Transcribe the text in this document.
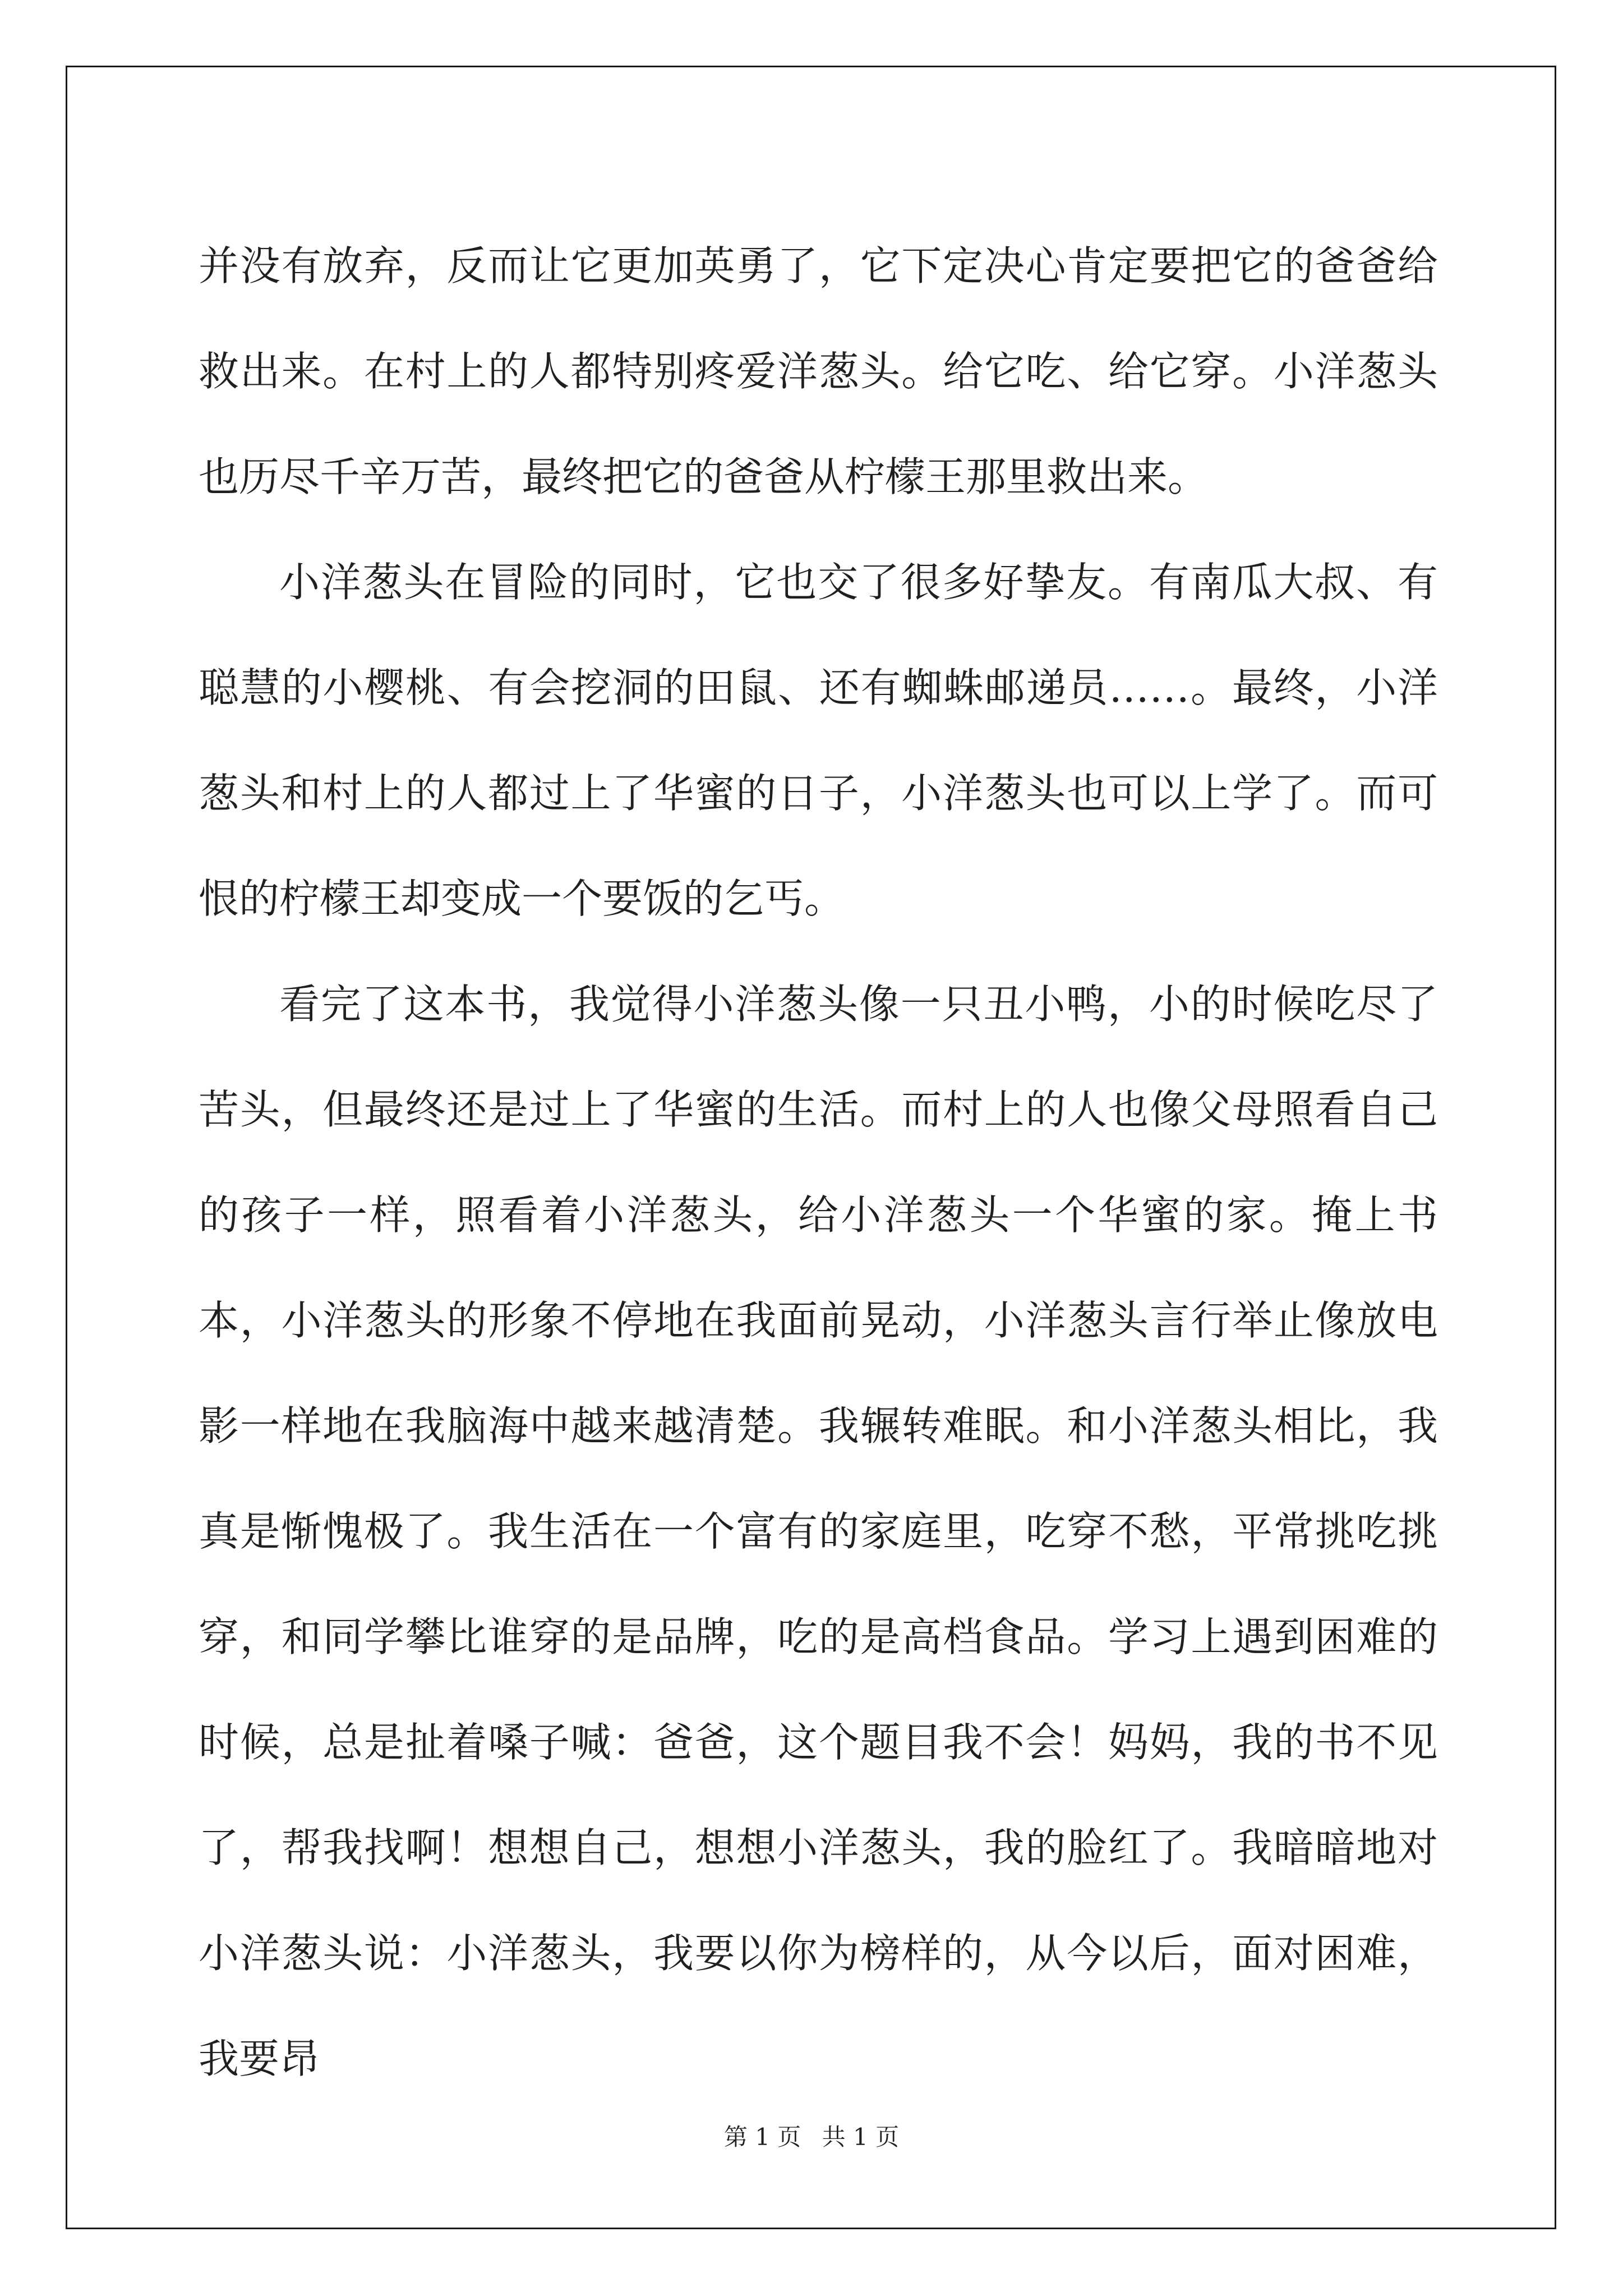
并没有放弃，反而让它更加英勇了，它下定决心肯定要把它的爸爸给救出来。在村上的人都特别疼爱洋葱头。给它吃、给它穿。小洋葱头也历尽千辛万苦，最终把它的爸爸从柠檬王那里救出来。

小洋葱头在冒险的同时，它也交了很多好挚友。有南瓜大叔、有聪慧的小樱桃、有会挖洞的田鼠、还有蜘蛛邮递员……。最终，小洋葱头和村上的人都过上了华蜜的日子，小洋葱头也可以上学了。而可恨的柠檬王却变成一个要饭的乞丐。

看完了这本书，我觉得小洋葱头像一只丑小鸭，小的时候吃尽了苦头，但最终还是过上了华蜜的生活。而村上的人也像父母照看自己的孩子一样，照看着小洋葱头，给小洋葱头一个华蜜的家。掩上书本，小洋葱头的形象不停地在我面前晃动，小洋葱头言行举止像放电影一样地在我脑海中越来越清楚。我辗转难眠。和小洋葱头相比，我真是惭愧极了。我生活在一个富有的家庭里，吃穿不愁，平常挑吃挑穿，和同学攀比谁穿的是品牌，吃的是高档食品。学习上遇到困难的时候，总是扯着嗓子喊：爸爸，这个题目我不会！妈妈，我的书不见了，帮我找啊！想想自己，想想小洋葱头，我的脸红了。我暗暗地对小洋葱头说：小洋葱头，我要以你为榜样的，从今以后，面对困难，我要昂

第 1 页 共 1 页
